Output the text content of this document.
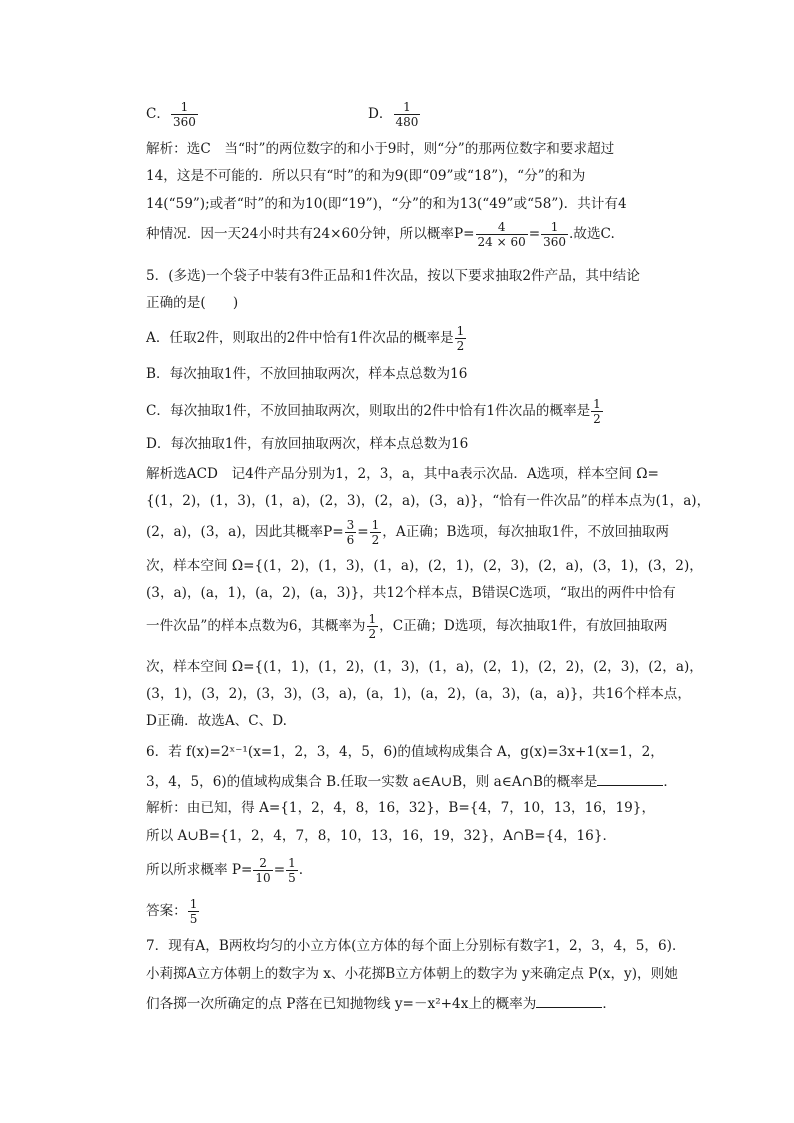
C． $\frac{1}{360}$	D． $\frac{1}{480}$
解析：选C　当“时”的两位数字的和小于9时，则“分”的那两位数字和要求超过
14，这是不可能的．所以只有“时”的和为9(即“09”或“18”)，“分”的和为
14(“59”);或者“时”的和为10(即“19”)，“分”的和为13(“49”或“58”)．共计有4
种情况．因一天24小时共有24×60分钟，所以概率$P= \frac{4}{24 \times 60} = \frac{1}{360}$ .故选C.
5．(多选)一个袋子中装有3件正品和1件次品，按以下要求抽取2件产品，其中结论
正确的是(　　)
A．任取2件，则取出的2件中恰有1件次品的概率是 $\frac{1}{2}$
B．每次抽取1件，不放回抽取两次，样本点总数为16
C．每次抽取1件，不放回抽取两次，则取出的2件中恰有1件次品的概率是 $\frac{1}{2}$
D．每次抽取1件，有放回抽取两次，样本点总数为16
解析选ACD　记4件产品分别为1，2，3，a，其中a表示次品．A选项，样本空间 Ω=
{(1，2)，(1，3)，(1，a)，(2，3)，(2，a)，(3，a)}，“恰有一件次品”的样本点为(1，a)，
(2，a)，(3，a)，因此其概率$P= \frac{3}{6} = \frac{1}{2}$ ，A正确；B选项，每次抽取1件，不放回抽取两
次，样本空间 Ω={(1，2)，(1，3)，(1，a)，(2，1)，(2，3)，(2，a)，(3，1)，(3，2)，
(3，a)，(a，1)，(a，2)，(a，3)}，共12个样本点，B错误C选项，“取出的两件中恰有
一件次品”的样本点数为6，其概率为 $\frac{1}{2}$ ，C正确；D选项，每次抽取1件，有放回抽取两
次，样本空间 Ω={(1，1)，(1，2)，(1，3)，(1，a)，(2，1)，(2，2)，(2，3)，(2，a)，
(3，1)，(3，2)，(3，3)，(3，a)，(a，1)，(a，2)，(a，3)，(a，a)}，共16个样本点，
D正确．故选A、C、D.
6．若 f(x)=2ˣ⁻¹(x=1，2，3，4，5，6)的值域构成集合 A，g(x)=3x+1(x=1，2，
3，4，5，6)的值域构成集合 B.任取一实数 a∈A∪B，则 a∈A∩B的概率是	．
解析：由已知，得 A={1，2，4，8，16，32}，B={4，7，10，13，16，19}，
所以 A∪B={1，2，4，7，8，10，13，16，19，32}，A∩B={4，16}．
所以所求概率 $P= \frac{2}{10} = \frac{1}{5}$ .
答案： $\frac{1}{5}$
7．现有A，B两枚均匀的小立方体(立方体的每个面上分别标有数字1，2，3，4，5，6)．
小莉掷A立方体朝上的数字为 x、小花掷B立方体朝上的数字为 y来确定点 P(x，y)，则她
们各掷一次所确定的点 P落在已知抛物线 y=－x²+4x上的概率为	．
